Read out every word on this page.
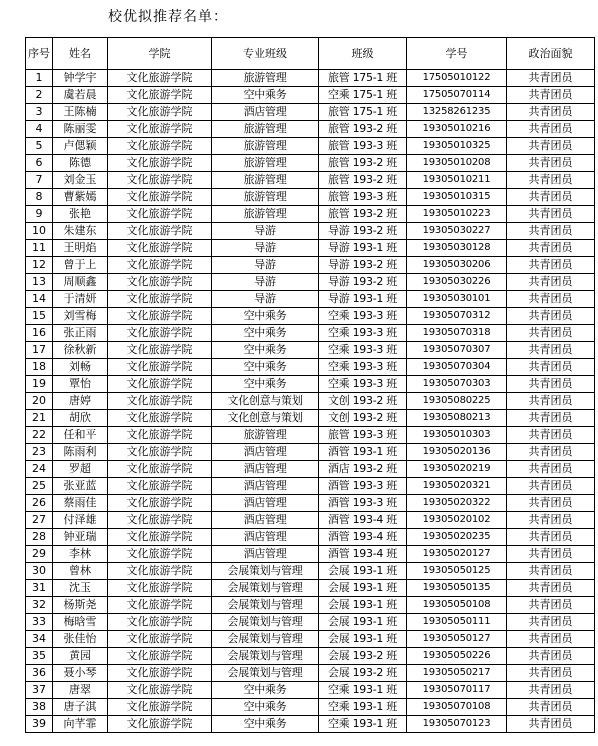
校优拟推荐名单：
序号	姓名	学院	专业班级	班级	学号	政治面貌
1	钟学宇	文化旅游学院	旅游管理	旅管 175-1 班	17505010122	共青团员
2	虞若晨	文化旅游学院	空中乘务	空乘 175-1 班	17505070114	共青团员
3	王陈楠	文化旅游学院	酒店管理	旅管 175-1 班	13258261235	共青团员
4	陈丽雯	文化旅游学院	旅游管理	旅管 193-2 班	19305010216	共青团员
5	卢偲颖	文化旅游学院	旅游管理	旅管 193-3 班	19305010325	共青团员
6	陈德	文化旅游学院	旅游管理	旅管 193-2 班	19305010208	共青团员
7	刘金玉	文化旅游学院	旅游管理	旅管 193-2 班	19305010211	共青团员
8	曹紫嫣	文化旅游学院	旅游管理	旅管 193-3 班	19305010315	共青团员
9	张艳	文化旅游学院	旅游管理	旅管 193-2 班	19305010223	共青团员
10	朱建东	文化旅游学院	导游	导游 193-2 班	19305030227	共青团员
11	王明焰	文化旅游学院	导游	导游 193-1 班	19305030128	共青团员
12	曾于上	文化旅游学院	导游	导游 193-2 班	19305030206	共青团员
13	周顺鑫	文化旅游学院	导游	导游 193-2 班	19305030226	共青团员
14	于清妍	文化旅游学院	导游	导游 193-1 班	19305030101	共青团员
15	刘雪梅	文化旅游学院	空中乘务	空乘 193-3 班	19305070312	共青团员
16	张正雨	文化旅游学院	空中乘务	空乘 193-3 班	19305070318	共青团员
17	徐秋新	文化旅游学院	空中乘务	空乘 193-3 班	19305070307	共青团员
18	刘畅	文化旅游学院	空中乘务	空乘 193-3 班	19305070304	共青团员
19	覃怡	文化旅游学院	空中乘务	空乘 193-3 班	19305070303	共青团员
20	唐婷	文化旅游学院	文化创意与策划	文创 193-2 班	19305080225	共青团员
21	胡欣	文化旅游学院	文化创意与策划	文创 193-2 班	19305080213	共青团员
22	任和平	文化旅游学院	旅游管理	旅管 193-3 班	19305010303	共青团员
23	陈雨利	文化旅游学院	酒店管理	酒管 193-1 班	19305020136	共青团员
24	罗超	文化旅游学院	酒店管理	酒店 193-2 班	19305020219	共青团员
25	张亚蓝	文化旅游学院	酒店管理	酒管 193-3 班	19305020321	共青团员
26	蔡雨佳	文化旅游学院	酒店管理	酒管 193-3 班	19305020322	共青团员
27	付泽雄	文化旅游学院	酒店管理	酒管 193-4 班	19305020102	共青团员
28	钟亚瑞	文化旅游学院	酒店管理	酒管 193-4 班	19305020235	共青团员
29	李林	文化旅游学院	酒店管理	酒管 193-4 班	19305020127	共青团员
30	曾林	文化旅游学院	会展策划与管理	会展 193-1 班	19305050125	共青团员
31	沈玉	文化旅游学院	会展策划与管理	会展 193-1 班	19305050135	共青团员
32	杨斯尧	文化旅游学院	会展策划与管理	会展 193-1 班	19305050108	共青团员
33	梅晗雪	文化旅游学院	会展策划与管理	会展 193-1 班	19305050111	共青团员
34	张佳怡	文化旅游学院	会展策划与管理	会展 193-1 班	19305050127	共青团员
35	黄园	文化旅游学院	会展策划与管理	会展 193-2 班	19305050226	共青团员
36	聂小琴	文化旅游学院	会展策划与管理	会展 193-2 班	19305050217	共青团员
37	唐翠	文化旅游学院	空中乘务	空乘 193-1 班	19305070117	共青团员
38	唐子淇	文化旅游学院	空中乘务	空乘 193-1 班	19305070108	共青团员
39	向芊霏	文化旅游学院	空中乘务	空乘 193-1 班	19305070123	共青团员
